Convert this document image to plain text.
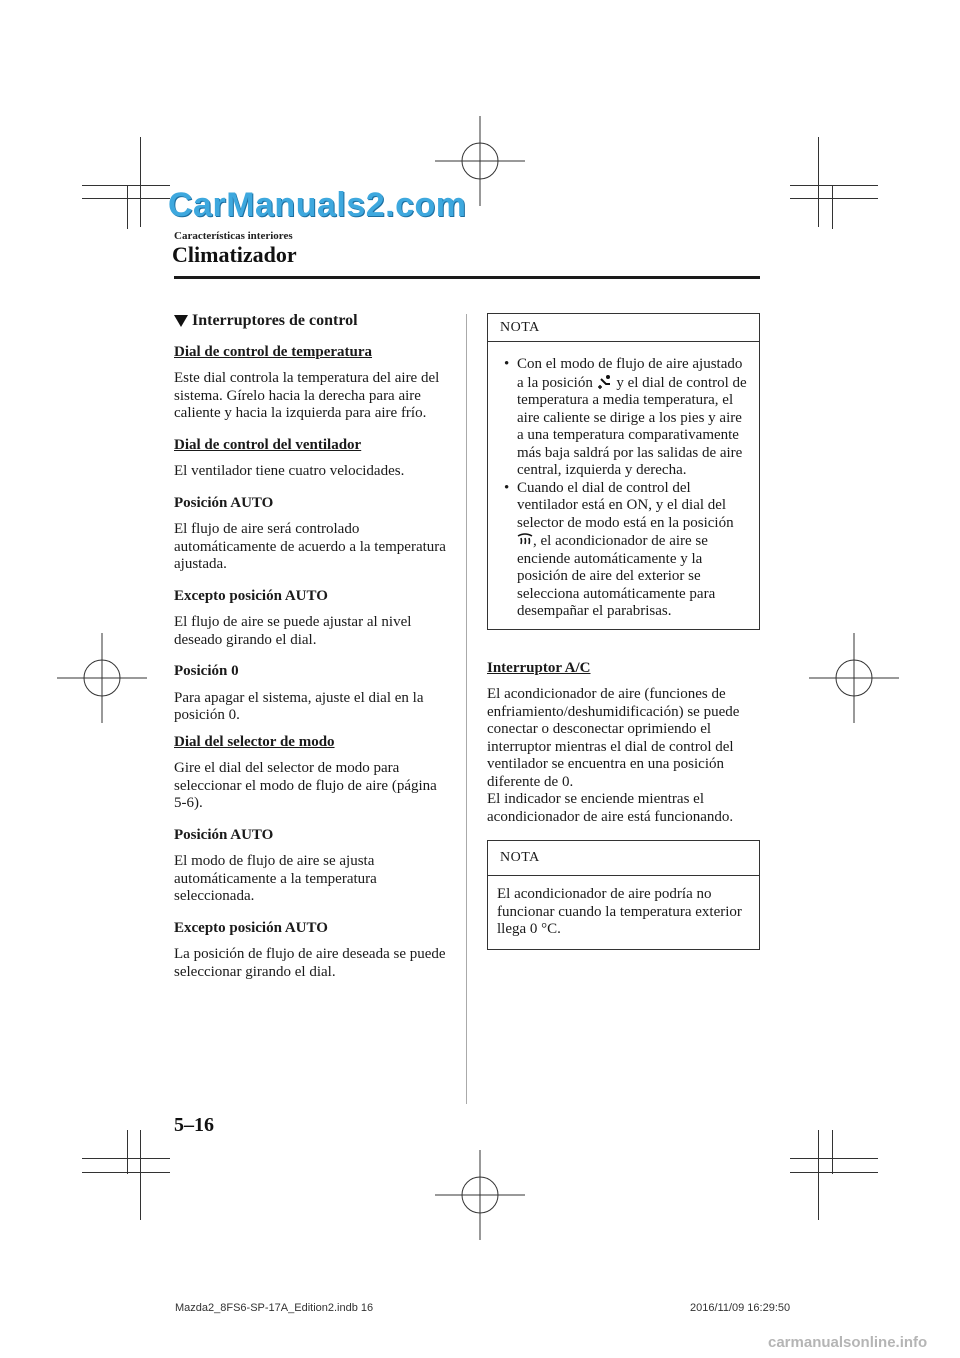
CarManuals2.com
Características interiores
Climatizador
Interruptores de control
Dial de control de temperatura
Este dial controla la temperatura del aire del sistema. Gírelo hacia la derecha para aire caliente y hacia la izquierda para aire frío.
Dial de control del ventilador
El ventilador tiene cuatro velocidades.
Posición AUTO
El flujo de aire será controlado automáticamente de acuerdo a la temperatura ajustada.
Excepto posición AUTO
El flujo de aire se puede ajustar al nivel deseado girando el dial.
Posición 0
Para apagar el sistema, ajuste el dial en la posición 0.
Dial del selector de modo
Gire el dial del selector de modo para seleccionar el modo de flujo de aire (página 5-6).
Posición AUTO
El modo de flujo de aire se ajusta automáticamente a la temperatura seleccionada.
Excepto posición AUTO
La posición de flujo de aire deseada se puede seleccionar girando el dial.
NOTA
• Con el modo de flujo de aire ajustado a la posición  y el dial de control de temperatura a media temperatura, el aire caliente se dirige a los pies y aire a una temperatura comparativamente más baja saldrá por las salidas de aire central, izquierda y derecha.
• Cuando el dial de control del ventilador está en ON, y el dial del selector de modo está en la posición , el acondicionador de aire se enciende automáticamente y la posición de aire del exterior se selecciona automáticamente para desempañar el parabrisas.
Interruptor A/C
El acondicionador de aire (funciones de enfriamiento/deshumidificación) se puede conectar o desconectar oprimiendo el interruptor mientras el dial de control del ventilador se encuentra en una posición diferente de 0.
El indicador se enciende mientras el acondicionador de aire está funcionando.
NOTA
El acondicionador de aire podría no funcionar cuando la temperatura exterior llega 0 °C.
5–16
Mazda2_8FS6-SP-17A_Edition2.indb 16	2016/11/09 16:29:50
carmanualsonline.info
